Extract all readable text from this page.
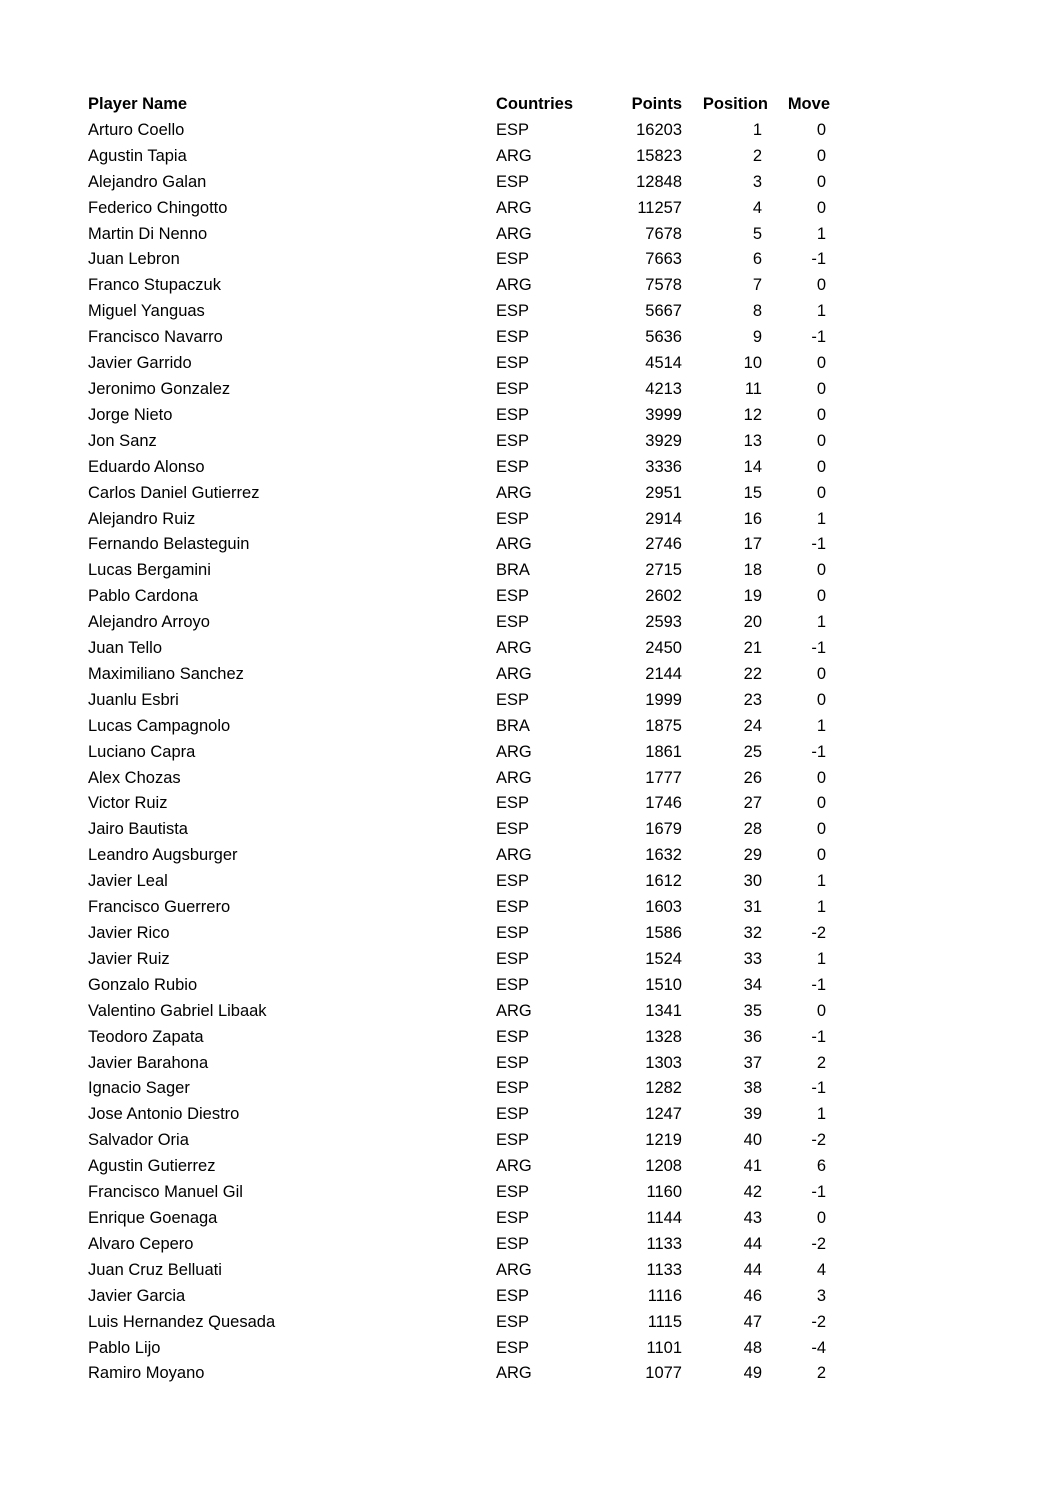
Player Name	Countries	Points	Position	Move
Arturo Coello	ESP	16203	1	0
Agustin Tapia	ARG	15823	2	0
Alejandro Galan	ESP	12848	3	0
Federico Chingotto	ARG	11257	4	0
Martin Di Nenno	ARG	7678	5	1
Juan Lebron	ESP	7663	6	-1
Franco Stupaczuk	ARG	7578	7	0
Miguel Yanguas	ESP	5667	8	1
Francisco Navarro	ESP	5636	9	-1
Javier Garrido	ESP	4514	10	0
Jeronimo Gonzalez	ESP	4213	11	0
Jorge Nieto	ESP	3999	12	0
Jon Sanz	ESP	3929	13	0
Eduardo Alonso	ESP	3336	14	0
Carlos Daniel Gutierrez	ARG	2951	15	0
Alejandro Ruiz	ESP	2914	16	1
Fernando Belasteguin	ARG	2746	17	-1
Lucas Bergamini	BRA	2715	18	0
Pablo Cardona	ESP	2602	19	0
Alejandro Arroyo	ESP	2593	20	1
Juan Tello	ARG	2450	21	-1
Maximiliano Sanchez	ARG	2144	22	0
Juanlu Esbri	ESP	1999	23	0
Lucas Campagnolo	BRA	1875	24	1
Luciano Capra	ARG	1861	25	-1
Alex Chozas	ARG	1777	26	0
Victor Ruiz	ESP	1746	27	0
Jairo Bautista	ESP	1679	28	0
Leandro Augsburger	ARG	1632	29	0
Javier Leal	ESP	1612	30	1
Francisco Guerrero	ESP	1603	31	1
Javier Rico	ESP	1586	32	-2
Javier Ruiz	ESP	1524	33	1
Gonzalo Rubio	ESP	1510	34	-1
Valentino Gabriel Libaak	ARG	1341	35	0
Teodoro Zapata	ESP	1328	36	-1
Javier Barahona	ESP	1303	37	2
Ignacio Sager	ESP	1282	38	-1
Jose Antonio Diestro	ESP	1247	39	1
Salvador Oria	ESP	1219	40	-2
Agustin Gutierrez	ARG	1208	41	6
Francisco Manuel Gil	ESP	1160	42	-1
Enrique Goenaga	ESP	1144	43	0
Alvaro Cepero	ESP	1133	44	-2
Juan Cruz Belluati	ARG	1133	44	4
Javier Garcia	ESP	1116	46	3
Luis Hernandez Quesada	ESP	1115	47	-2
Pablo Lijo	ESP	1101	48	-4
Ramiro Moyano	ARG	1077	49	2
